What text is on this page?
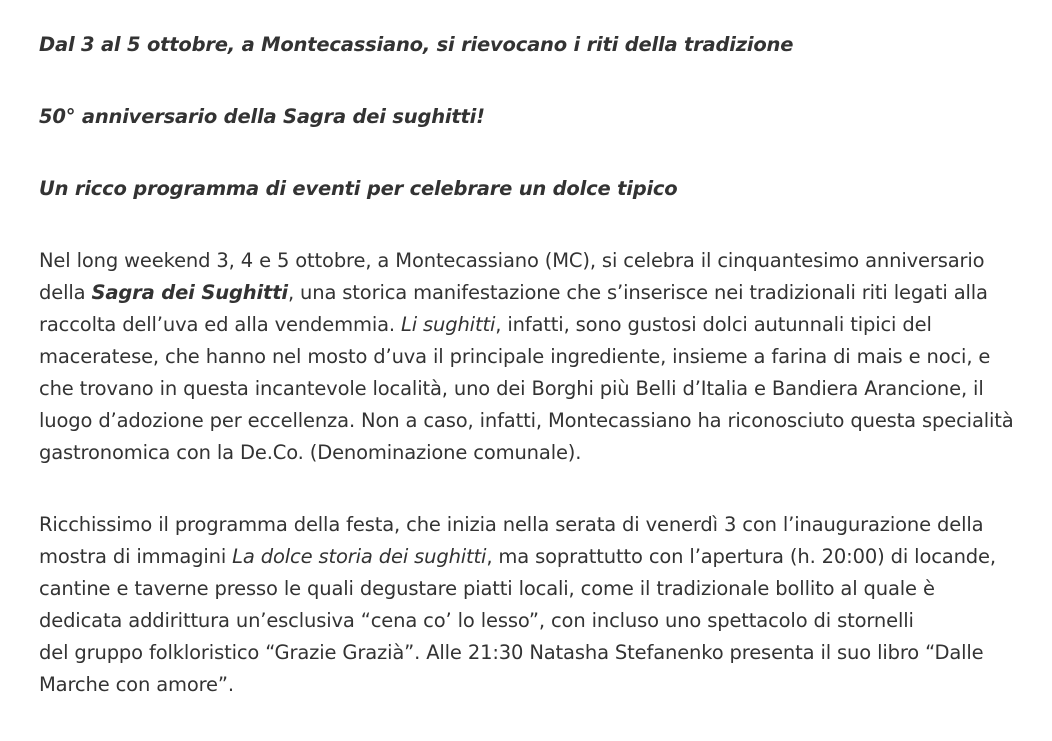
Dal 3 al 5 ottobre, a Montecassiano, si rievocano i riti della tradizione

50° anniversario della Sagra dei sughitti!

Un ricco programma di eventi per celebrare un dolce tipico

Nel long weekend 3, 4 e 5 ottobre, a Montecassiano (MC), si celebra il cinquantesimo anniversario
della Sagra dei Sughitti, una storica manifestazione che s’inserisce nei tradizionali riti legati alla
raccolta dell’uva ed alla vendemmia. Li sughitti, infatti, sono gustosi dolci autunnali tipici del
maceratese, che hanno nel mosto d’uva il principale ingrediente, insieme a farina di mais e noci, e
che trovano in questa incantevole località, uno dei Borghi più Belli d’Italia e Bandiera Arancione, il
luogo d’adozione per eccellenza. Non a caso, infatti, Montecassiano ha riconosciuto questa specialità
gastronomica con la De.Co. (Denominazione comunale).

Ricchissimo il programma della festa, che inizia nella serata di venerdì 3 con l’inaugurazione della
mostra di immagini La dolce storia dei sughitti, ma soprattutto con l’apertura (h. 20:00) di locande,
cantine e taverne presso le quali degustare piatti locali, come il tradizionale bollito al quale è
dedicata addirittura un’esclusiva “cena co’ lo lesso”, con incluso uno spettacolo di stornelli
del gruppo folkloristico “Grazie Grazià”. Alle 21:30 Natasha Stefanenko presenta il suo libro “Dalle
Marche con amore”.
